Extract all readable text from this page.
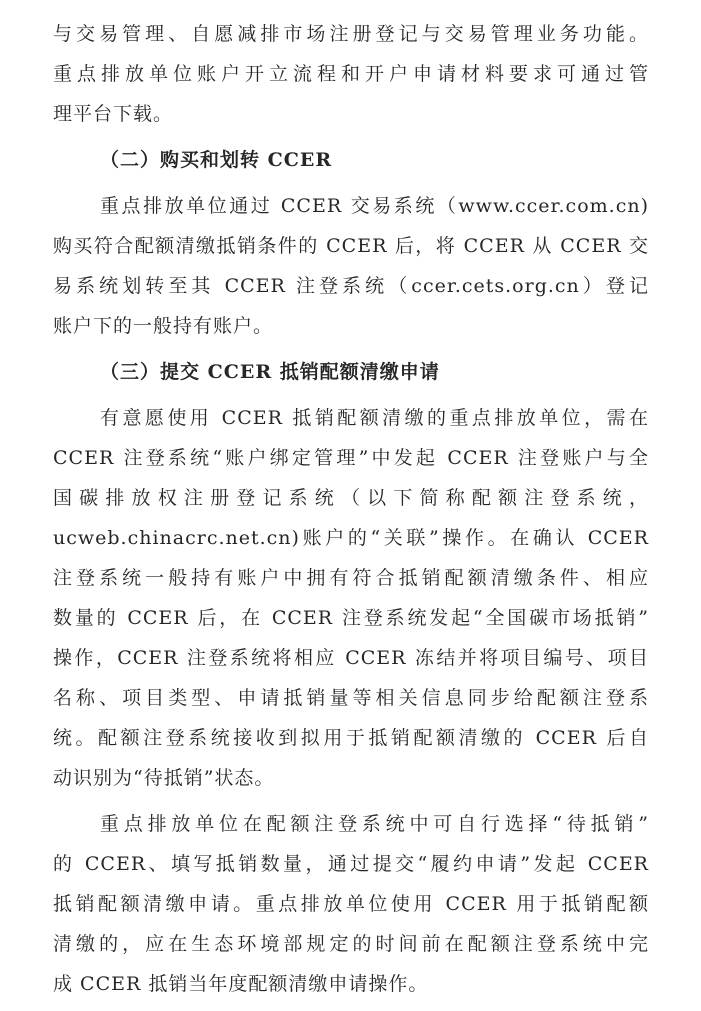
与交易管理、自愿减排市场注册登记与交易管理业务功能。
重点排放单位账户开立流程和开户申请材料要求可通过管
理平台下载。
（二）购买和划转 CCER
重点排放单位通过 CCER 交易系统（www.ccer.com.cn)
购买符合配额清缴抵销条件的 CCER 后，将 CCER 从 CCER 交
易系统划转至其 CCER 注登系统（ccer.cets.org.cn）登记
账户下的一般持有账户。
（三）提交 CCER 抵销配额清缴申请
有意愿使用 CCER 抵销配额清缴的重点排放单位，需在
CCER 注登系统“账户绑定管理”中发起 CCER 注登账户与全
国碳排放权注册登记系统（以下简称配额注登系统，
ucweb.chinacrc.net.cn)账户的“关联”操作。在确认 CCER
注登系统一般持有账户中拥有符合抵销配额清缴条件、相应
数量的 CCER 后，在 CCER 注登系统发起“全国碳市场抵销”
操作，CCER 注登系统将相应 CCER 冻结并将项目编号、项目
名称、项目类型、申请抵销量等相关信息同步给配额注登系
统。配额注登系统接收到拟用于抵销配额清缴的 CCER 后自
动识别为“待抵销”状态。
重点排放单位在配额注登系统中可自行选择“待抵销”
的 CCER、填写抵销数量，通过提交“履约申请”发起 CCER
抵销配额清缴申请。重点排放单位使用 CCER 用于抵销配额
清缴的，应在生态环境部规定的时间前在配额注登系统中完
成 CCER 抵销当年度配额清缴申请操作。
